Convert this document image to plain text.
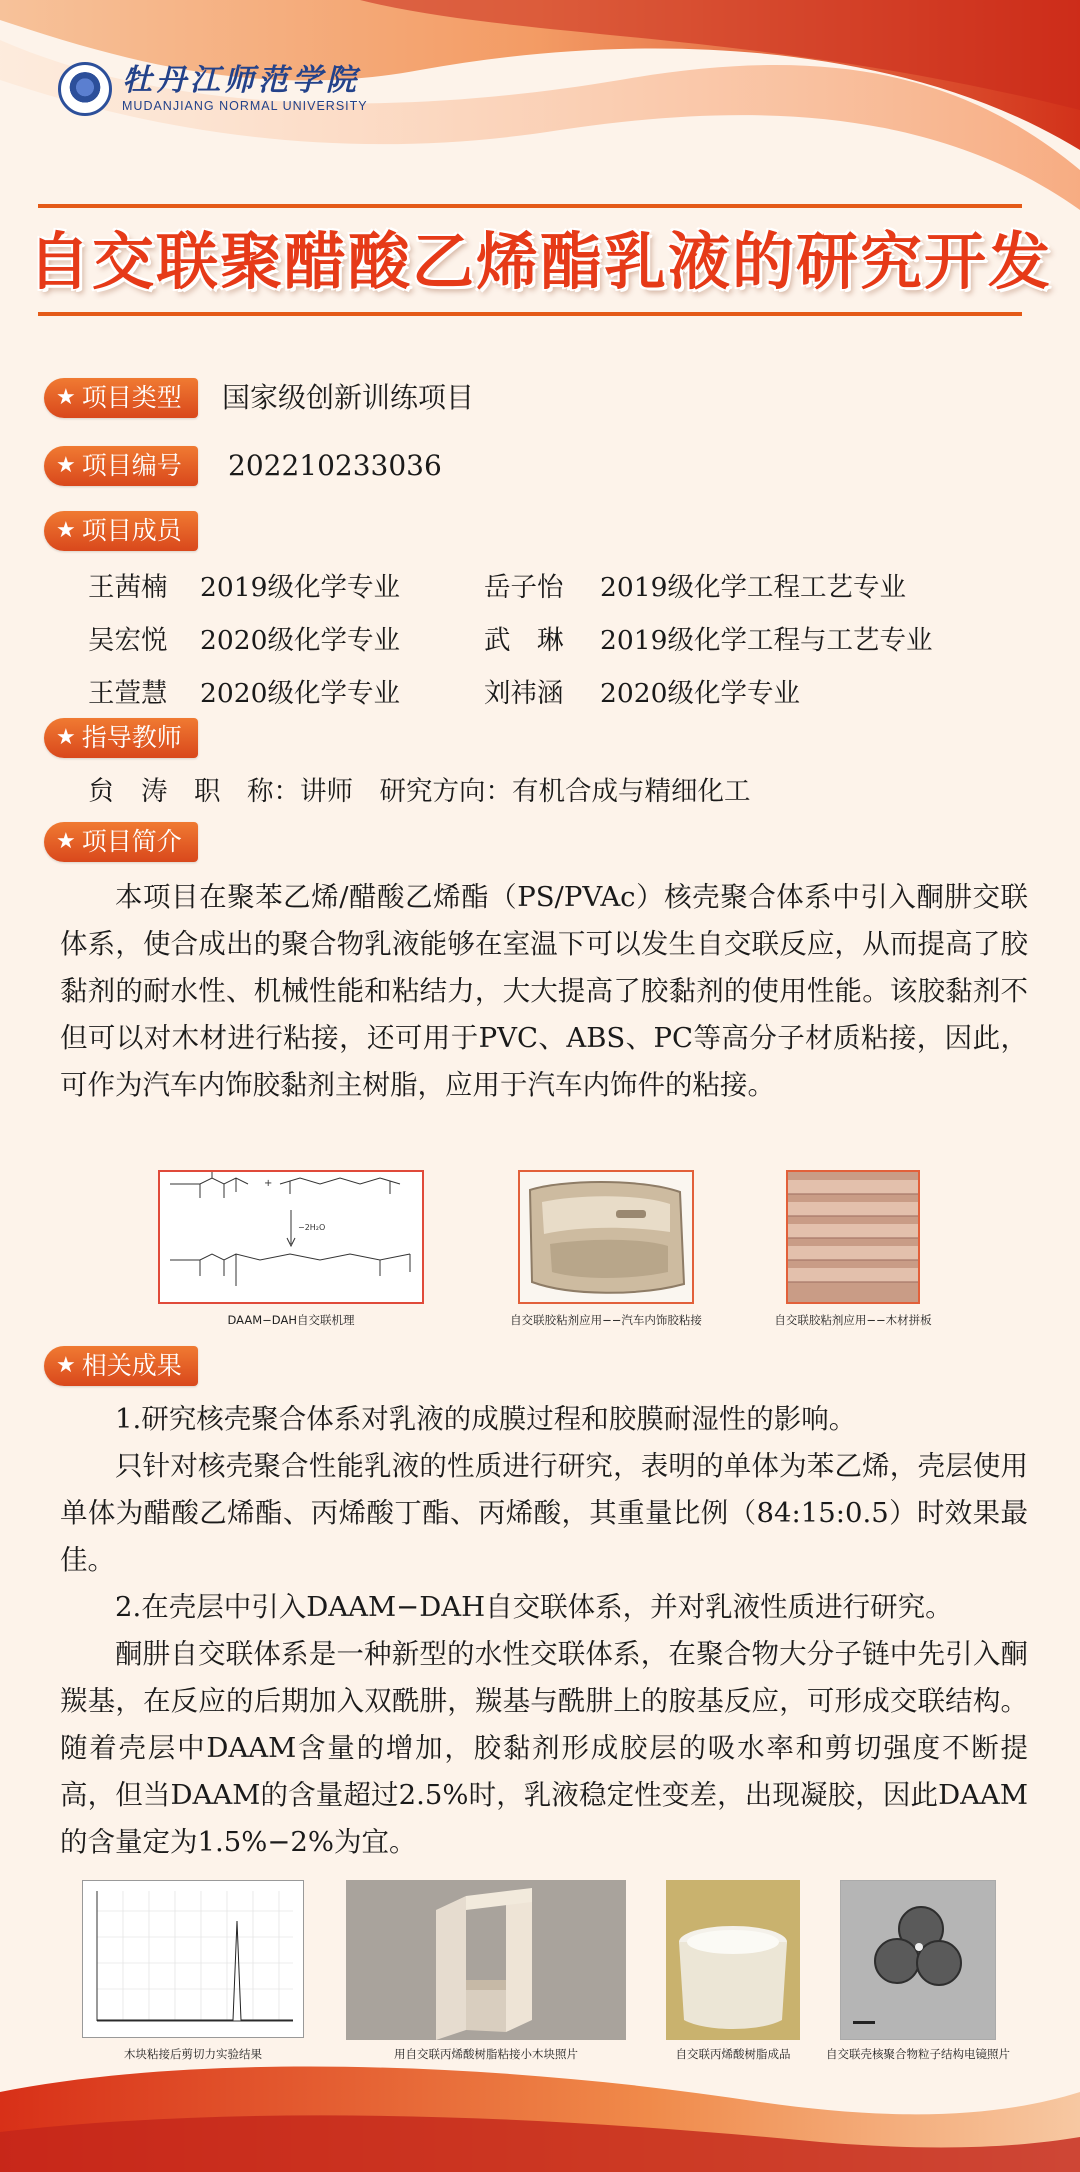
牡丹江师范学院
MUDANJIANG NORMAL UNIVERSITY
自交联聚醋酸乙烯酯乳液的研究开发
★ 项目类型 国家级创新训练项目
★ 项目编号 202210233036
★ 项目成员
王茜楠	2019级化学专业	岳子怡	2019级化学工程工艺专业
吴宏悦	2020级化学专业	武　琳	2019级化学工程与工艺专业
王萱慧	2020级化学专业	刘祎涵	2020级化学专业
★ 指导教师
贠　涛　职　称：讲师　研究方向：有机合成与精细化工
★ 项目简介
本项目在聚苯乙烯/醋酸乙烯酯（PS/PVAc）核壳聚合体系中引入酮肼交联体系，使合成出的聚合物乳液能够在室温下可以发生自交联反应，从而提高了胶黏剂的耐水性、机械性能和粘结力，大大提高了胶黏剂的使用性能。该胶黏剂不但可以对木材进行粘接，还可用于PVC、ABS、PC等高分子材质粘接，因此，可作为汽车内饰胶黏剂主树脂，应用于汽车内饰件的粘接。
+
−2H₂O
DAAM−DAH自交联机理	自交联胶粘剂应用−−汽车内饰胶粘接	自交联胶粘剂应用−−木材拼板
★ 相关成果
1.研究核壳聚合体系对乳液的成膜过程和胶膜耐湿性的影响。
只针对核壳聚合性能乳液的性质进行研究，表明的单体为苯乙烯，壳层使用单体为醋酸乙烯酯、丙烯酸丁酯、丙烯酸，其重量比例（84:15:0.5）时效果最佳。
2.在壳层中引入DAAM−DAH自交联体系，并对乳液性质进行研究。
酮肼自交联体系是一种新型的水性交联体系，在聚合物大分子链中先引入酮羰基，在反应的后期加入双酰肼，羰基与酰肼上的胺基反应，可形成交联结构。随着壳层中DAAM含量的增加，胶黏剂形成胶层的吸水率和剪切强度不断提高，但当DAAM的含量超过2.5%时，乳液稳定性变差，出现凝胶，因此DAAM的含量定为1.5%−2%为宜。
木块粘接后剪切力实验结果	用自交联丙烯酸树脂粘接小木块照片	自交联丙烯酸树脂成品	自交联壳核聚合物粒子结构电镜照片
